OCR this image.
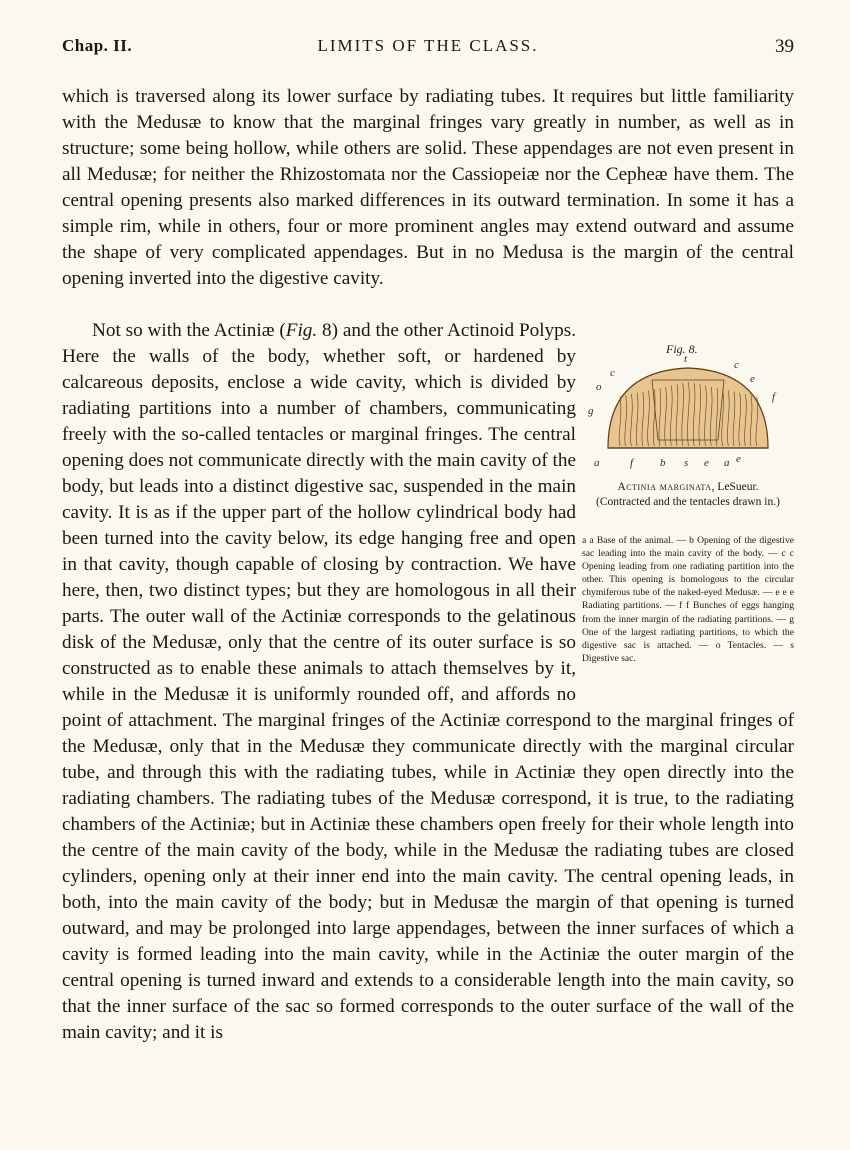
Chap. II.	LIMITS OF THE CLASS.	39

which is traversed along its lower surface by radiating tubes. It requires but little familiarity with the Medusæ to know that the marginal fringes vary greatly in number, as well as in structure; some being hollow, while others are solid. These appendages are not even present in all Medusæ; for neither the Rhizostomata nor the Cassiopeiæ nor the Cepheæ have them. The central opening presents also marked differences in its outward termination. In some it has a simple rim, while in others, four or more prominent angles may extend outward and assume the shape of very complicated appendages. But in no Medusa is the margin of the central opening inverted into the digestive cavity.

Fig. 8.
t
c
c
o
e
f
g
a	f b s e a e
Actinia marginata, LeSueur.
(Contracted and the tentacles drawn in.)
a a Base of the animal. — b Opening of the digestive sac leading into the main cavity of the body. — c c Opening leading from one radiating partition into the other. This opening is homologous to the circular chymiferous tube of the naked-eyed Medusæ. — e e e Radiating partitions. — f f Bunches of eggs hanging from the inner margin of the radiating partitions. — g One of the largest radiating partitions, to which the digestive sac is attached. — o Tentacles. — s Digestive sac.
Not so with the Actiniæ (Fig. 8) and the other Actinoid Polyps. Here the walls of the body, whether soft, or hardened by calcareous deposits, enclose a wide cavity, which is divided by radiating partitions into a number of chambers, communicating freely with the so-called tentacles or marginal fringes. The central opening does not communicate directly with the main cavity of the body, but leads into a distinct digestive sac, suspended in the main cavity. It is as if the upper part of the hollow cylindrical body had been turned into the cavity below, its edge hanging free and open in that cavity, though capable of closing by contraction. We have here, then, two distinct types; but they are homologous in all their parts. The outer wall of the Actiniæ corresponds to the gelatinous disk of the Medusæ, only that the centre of its outer surface is so constructed as to enable these animals to attach themselves by it, while in the Medusæ it is uniformly rounded off, and affords no point of attachment. The marginal fringes of the Actiniæ correspond to the marginal fringes of the Medusæ, only that in the Medusæ they communicate directly with the marginal circular tube, and through this with the radiating tubes, while in Actiniæ they open directly into the radiating chambers. The radiating tubes of the Medusæ correspond, it is true, to the radiating chambers of the Actiniæ; but in Actiniæ these chambers open freely for their whole length into the centre of the main cavity of the body, while in the Medusæ the radiating tubes are closed cylinders, opening only at their inner end into the main cavity. The central opening leads, in both, into the main cavity of the body; but in Medusæ the margin of that opening is turned outward, and may be prolonged into large appendages, between the inner surfaces of which a cavity is formed leading into the main cavity, while in the Actiniæ the outer margin of the central opening is turned inward and extends to a considerable length into the main cavity, so that the inner surface of the sac so formed corresponds to the outer surface of the wall of the main cavity; and it is
